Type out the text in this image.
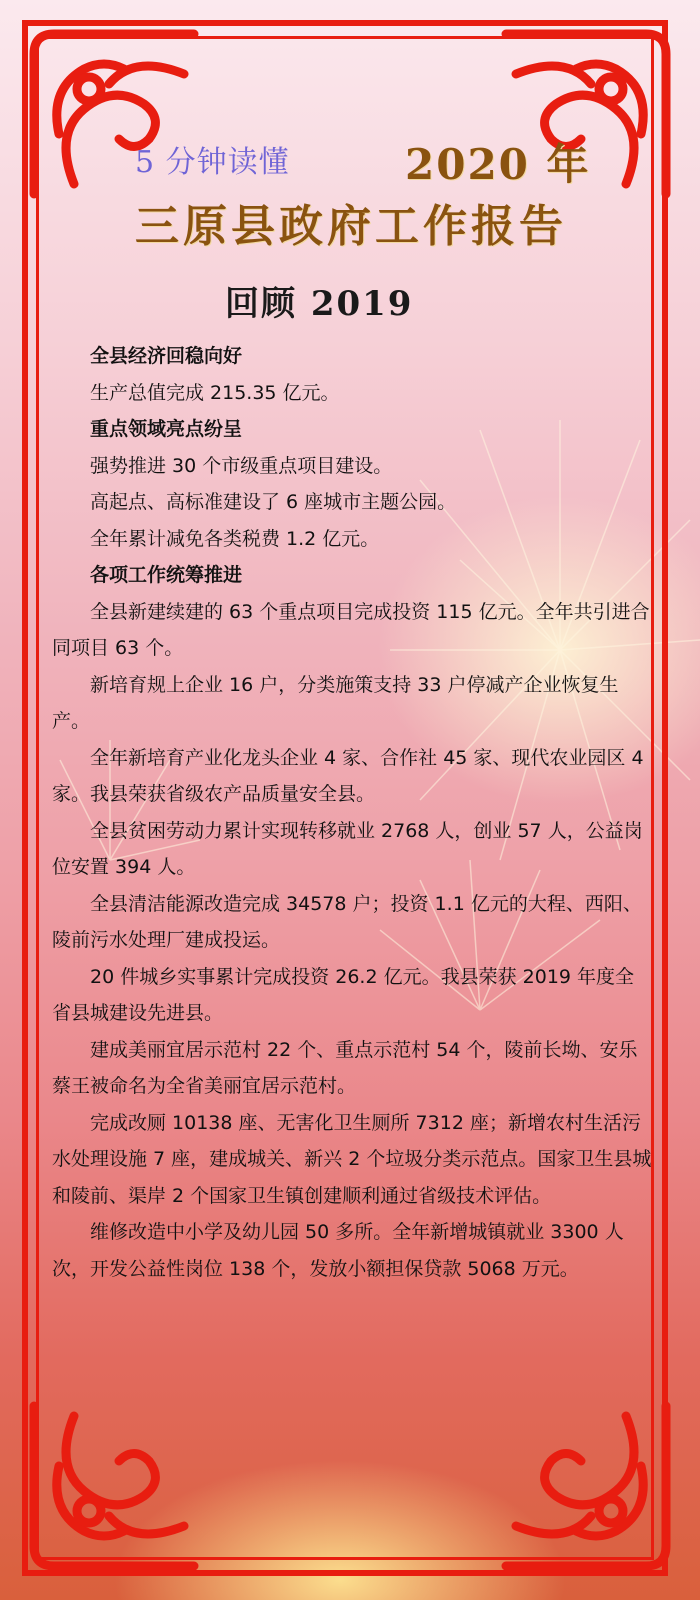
5 分钟读懂	2020 年
三原县政府工作报告
回顾 2019

全县经济回稳向好

生产总值完成 215.35 亿元。

重点领域亮点纷呈

强势推进 30 个市级重点项目建设。

高起点、高标准建设了 6 座城市主题公园。

全年累计减免各类税费 1.2 亿元。

各项工作统筹推进

全县新建续建的 63 个重点项目完成投资 115 亿元。全年共引进合同项目 63 个。

新培育规上企业 16 户，分类施策支持 33 户停减产企业恢复生产。

全年新培育产业化龙头企业 4 家、合作社 45 家、现代农业园区 4 家。我县荣获省级农产品质量安全县。

全县贫困劳动力累计实现转移就业 2768 人，创业 57 人，公益岗位安置 394 人。

全县清洁能源改造完成 34578 户；投资 1.1 亿元的大程、西阳、陵前污水处理厂建成投运。

20 件城乡实事累计完成投资 26.2 亿元。我县荣获 2019 年度全省县城建设先进县。

建成美丽宜居示范村 22 个、重点示范村 54 个，陵前长坳、安乐蔡王被命名为全省美丽宜居示范村。

完成改厕 10138 座、无害化卫生厕所 7312 座；新增农村生活污水处理设施 7 座，建成城关、新兴 2 个垃圾分类示范点。国家卫生县城和陵前、渠岸 2 个国家卫生镇创建顺利通过省级技术评估。

维修改造中小学及幼儿园 50 多所。全年新增城镇就业 3300 人次，开发公益性岗位 138 个，发放小额担保贷款 5068 万元。
